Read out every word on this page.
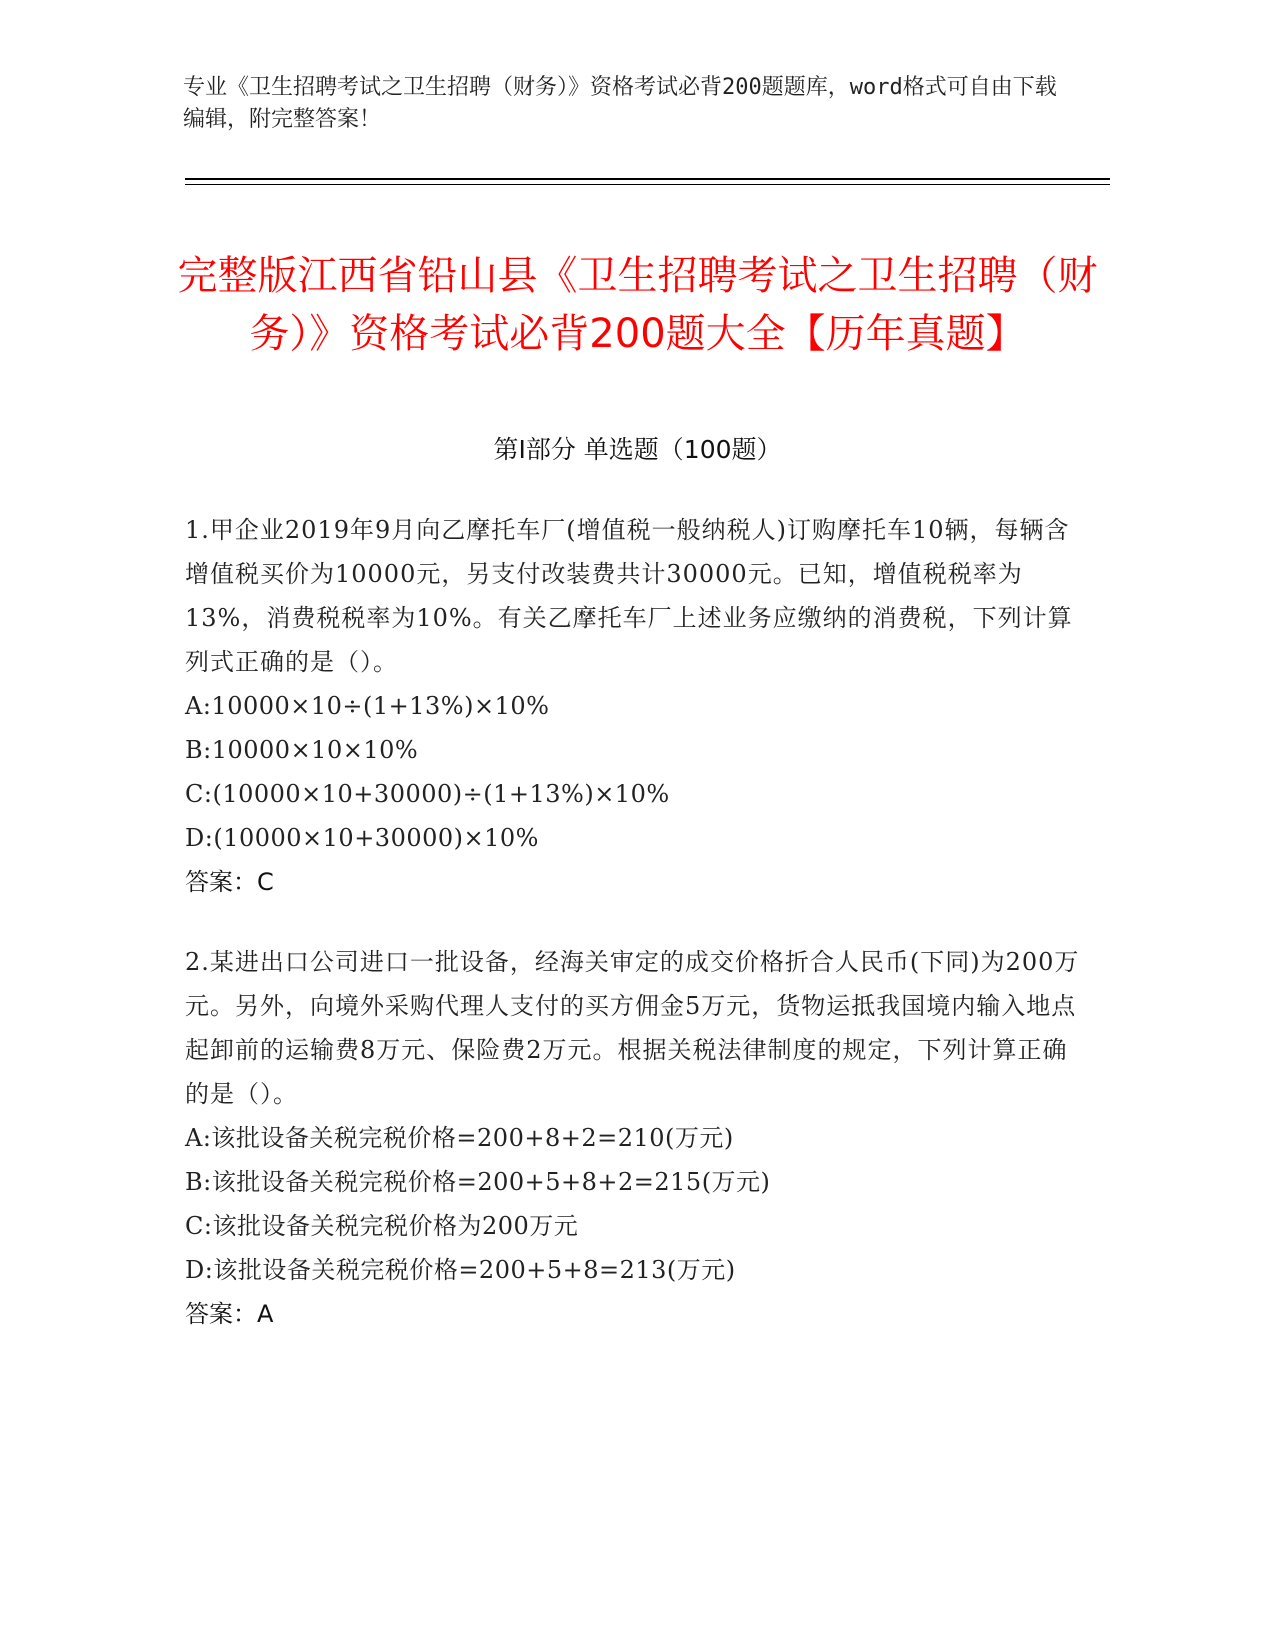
专业《卫生招聘考试之卫生招聘（财务）》资格考试必背200题题库，word格式可自由下载编辑，附完整答案！
完整版江西省铅山县《卫生招聘考试之卫生招聘（财务）》资格考试必背200题大全【历年真题】
第I部分 单选题（100题）

1.甲企业2019年9月向乙摩托车厂(增值税一般纳税人)订购摩托车10辆，每辆含增值税买价为10000元，另支付改装费共计30000元。已知，增值税税率为13%，消费税税率为10%。有关乙摩托车厂上述业务应缴纳的消费税，下列计算列式正确的是（）。

A:10000×10÷(1+13%)×10%

B:10000×10×10%

C:(10000×10+30000)÷(1+13%)×10%

D:(10000×10+30000)×10%

答案：C

2.某进出口公司进口一批设备，经海关审定的成交价格折合人民币(下同)为200万元。另外，向境外采购代理人支付的买方佣金5万元，货物运抵我国境内输入地点起卸前的运输费8万元、保险费2万元。根据关税法律制度的规定，下列计算正确的是（）。

A:该批设备关税完税价格=200+8+2=210(万元)

B:该批设备关税完税价格=200+5+8+2=215(万元)

C:该批设备关税完税价格为200万元

D:该批设备关税完税价格=200+5+8=213(万元)

答案：A
